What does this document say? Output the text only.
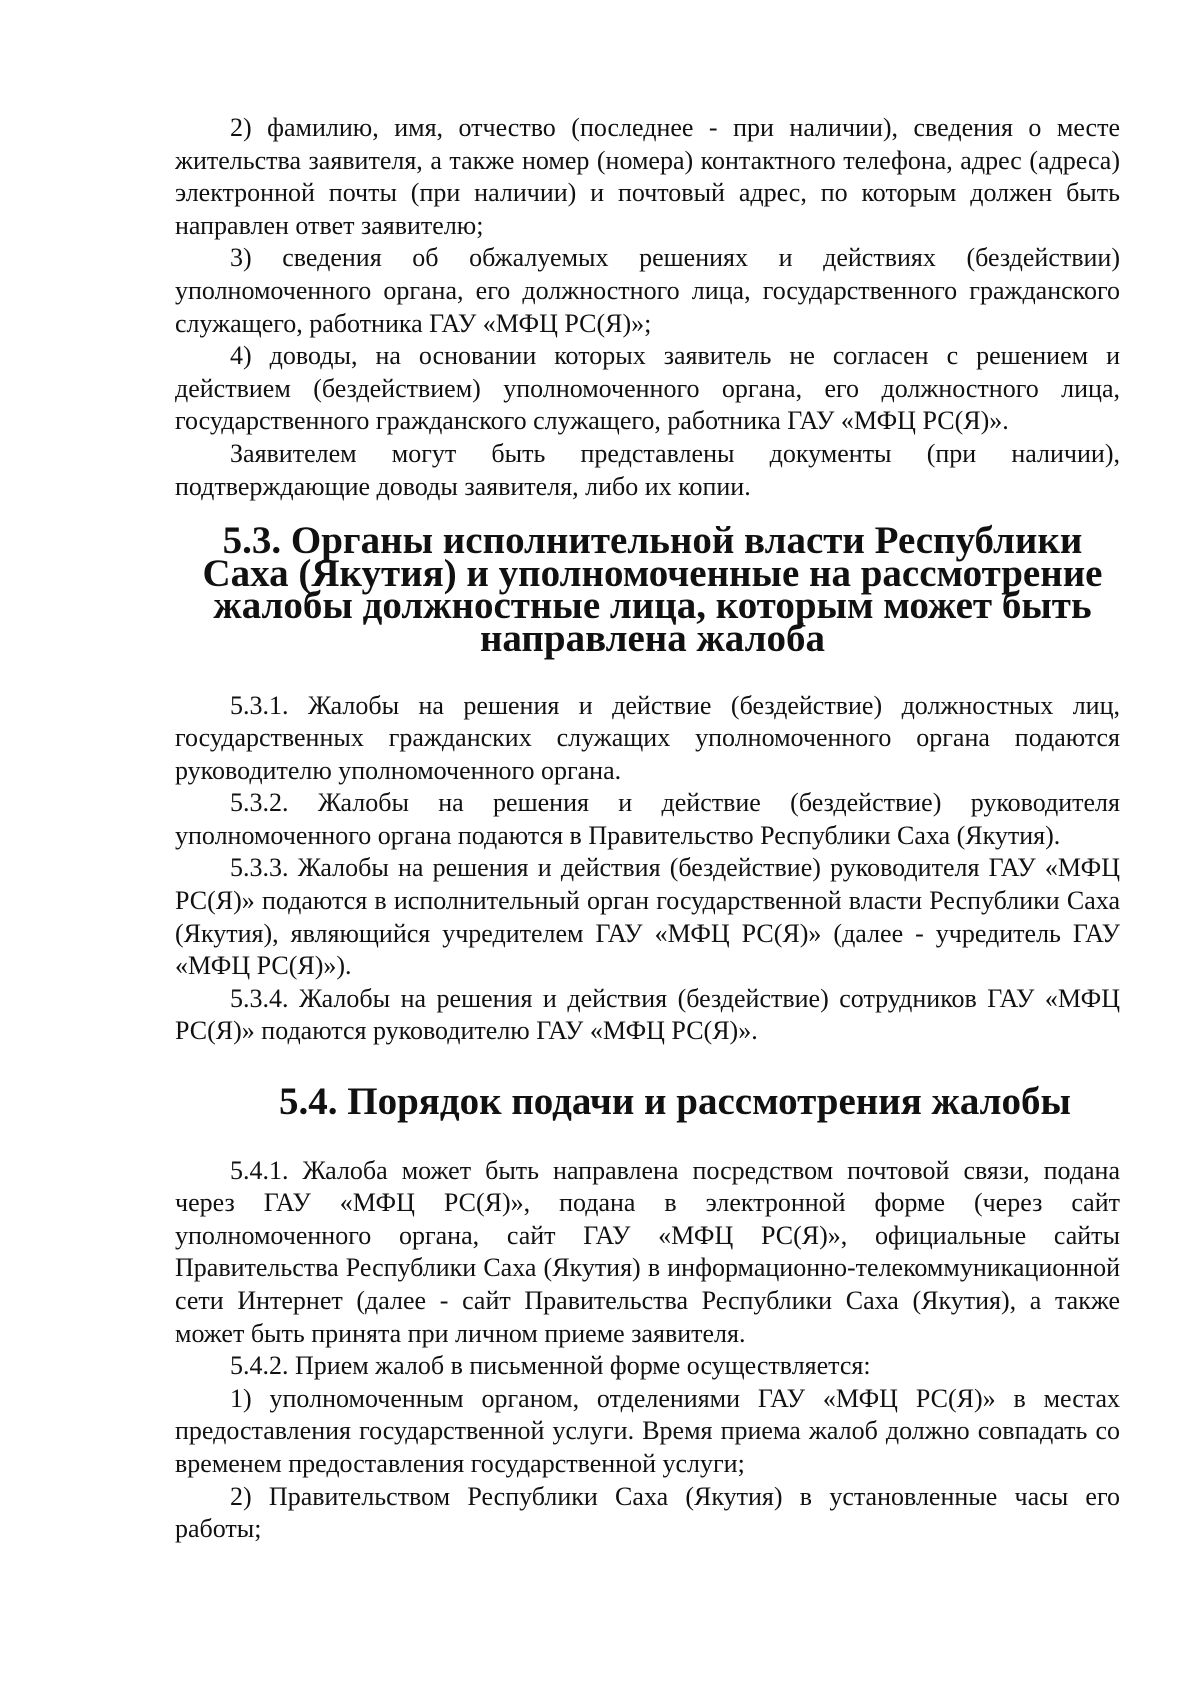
2) фамилию, имя, отчество (последнее - при наличии), сведения о месте жительства заявителя, а также номер (номера) контактного телефона, адрес (адреса) электронной почты (при наличии) и почтовый адрес, по которым должен быть направлен ответ заявителю;

3) сведения об обжалуемых решениях и действиях (бездействии) уполномоченного органа, его должностного лица, государственного гражданского служащего, работника ГАУ «МФЦ РС(Я)»;

4) доводы, на основании которых заявитель не согласен с решением и действием (бездействием) уполномоченного органа, его должностного лица, государственного гражданского служащего, работника ГАУ «МФЦ РС(Я)».

Заявителем могут быть представлены документы (при наличии), подтверждающие доводы заявителя, либо их копии.

5.3. Органы исполнительной власти Республики Саха (Якутия) и уполномоченные на рассмотрение жалобы должностные лица, которым может быть направлена жалоба

5.3.1. Жалобы на решения и действие (бездействие) должностных лиц, государственных гражданских служащих уполномоченного органа подаются руководителю уполномоченного органа.

5.3.2. Жалобы на решения и действие (бездействие) руководителя уполномоченного органа подаются в Правительство Республики Саха (Якутия).

5.3.3. Жалобы на решения и действия (бездействие) руководителя ГАУ «МФЦ РС(Я)» подаются в исполнительный орган государственной власти Республики Саха (Якутия), являющийся учредителем ГАУ «МФЦ РС(Я)» (далее - учредитель ГАУ «МФЦ РС(Я)»).

5.3.4. Жалобы на решения и действия (бездействие) сотрудников ГАУ «МФЦ РС(Я)» подаются руководителю ГАУ «МФЦ РС(Я)».

5.4. Порядок подачи и рассмотрения жалобы

5.4.1. Жалоба может быть направлена посредством почтовой связи, подана через ГАУ «МФЦ РС(Я)», подана в электронной форме (через сайт уполномоченного органа, сайт ГАУ «МФЦ РС(Я)», официальные сайты Правительства Республики Саха (Якутия) в информационно-телекоммуникационной сети Интернет (далее - сайт Правительства Республики Саха (Якутия), а также может быть принята при личном приеме заявителя.

5.4.2. Прием жалоб в письменной форме осуществляется:

1) уполномоченным органом, отделениями ГАУ «МФЦ РС(Я)» в местах предоставления государственной услуги. Время приема жалоб должно совпадать со временем предоставления государственной услуги;

2) Правительством Республики Саха (Якутия) в установленные часы его работы;
